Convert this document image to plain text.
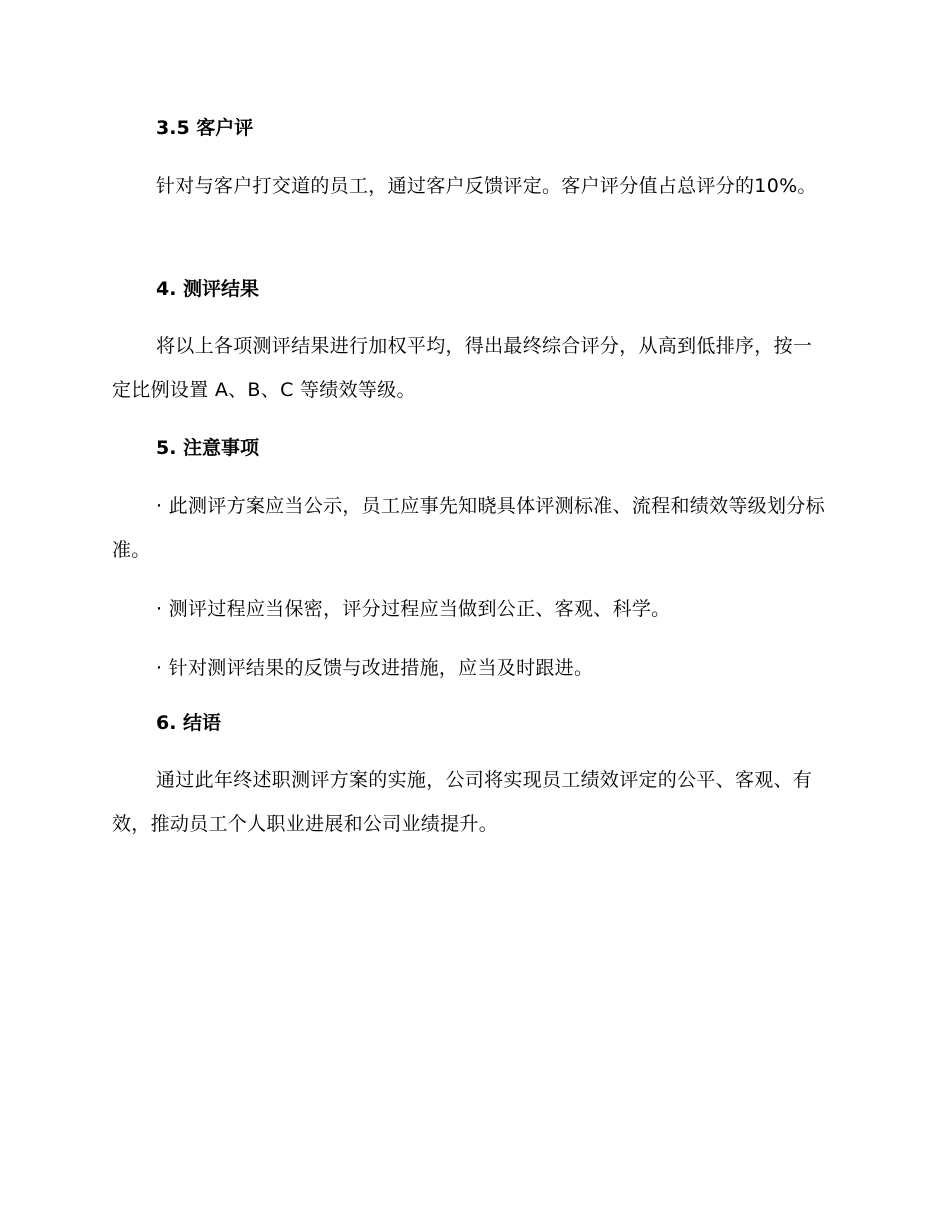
3.5 客户评

针对与客户打交道的员工，通过客户反馈评定。客户评分值占总评分的10%。

4. 测评结果

将以上各项测评结果进行加权平均，得出最终综合评分，从高到低排序，按一定比例设置 A、B、C 等绩效等级。

5. 注意事项

· 此测评方案应当公示，员工应事先知晓具体评测标准、流程和绩效等级划分标准。

· 测评过程应当保密，评分过程应当做到公正、客观、科学。

· 针对测评结果的反馈与改进措施，应当及时跟进。

6. 结语

通过此年终述职测评方案的实施，公司将实现员工绩效评定的公平、客观、有效，推动员工个人职业进展和公司业绩提升。
